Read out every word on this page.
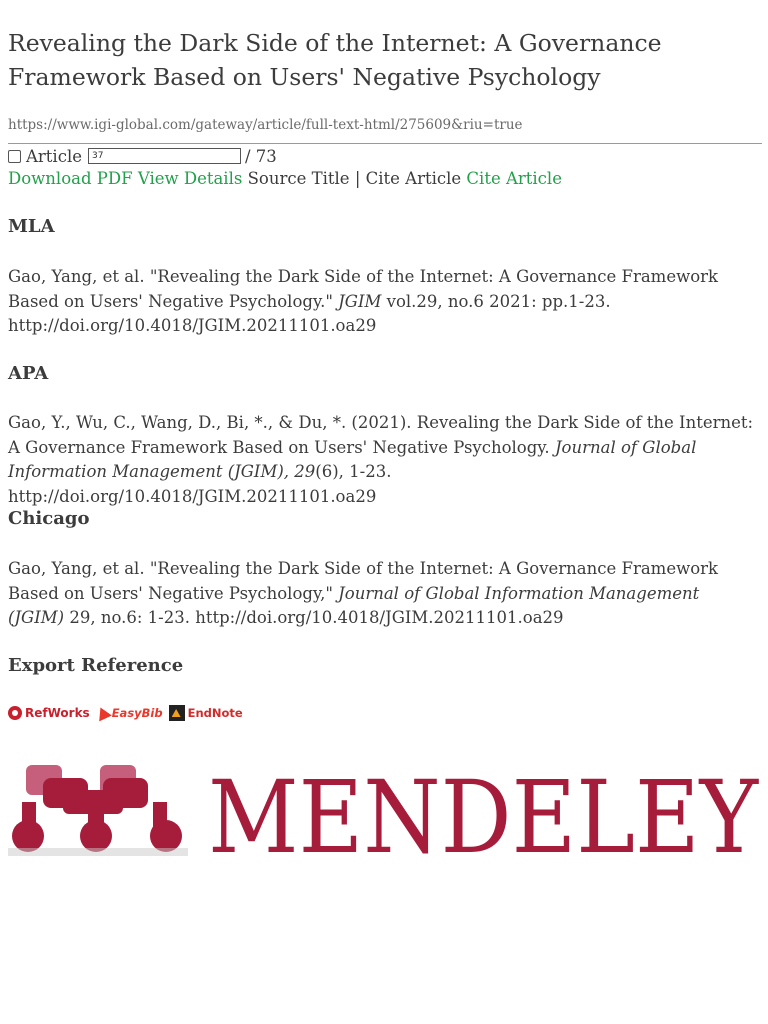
Revealing the Dark Side of the Internet: A Governance Framework Based on Users' Negative Psychology
https://www.igi-global.com/gateway/article/full-text-html/275609&riu=true
Article	37	/ 73
Download PDF View Details Source Title | Cite Article Cite Article
MLA

Gao, Yang, et al. "Revealing the Dark Side of the Internet: A Governance Framework Based on Users' Negative Psychology." JGIM vol.29, no.6 2021: pp.1-23. http://doi.org/10.4018/JGIM.20211101.oa29

APA

Gao, Y., Wu, C., Wang, D., Bi, *., & Du, *. (2021). Revealing the Dark Side of the Internet: A Governance Framework Based on Users' Negative Psychology. Journal of Global Information Management (JGIM), 29(6), 1-23. http://doi.org/10.4018/JGIM.20211101.oa29

Chicago

Gao, Yang, et al. "Revealing the Dark Side of the Internet: A Governance Framework Based on Users' Negative Psychology," Journal of Global Information Management (JGIM) 29, no.6: 1-23. http://doi.org/10.4018/JGIM.20211101.oa29

Export Reference
RefWorks EasyBib EndNote
MENDELEY
